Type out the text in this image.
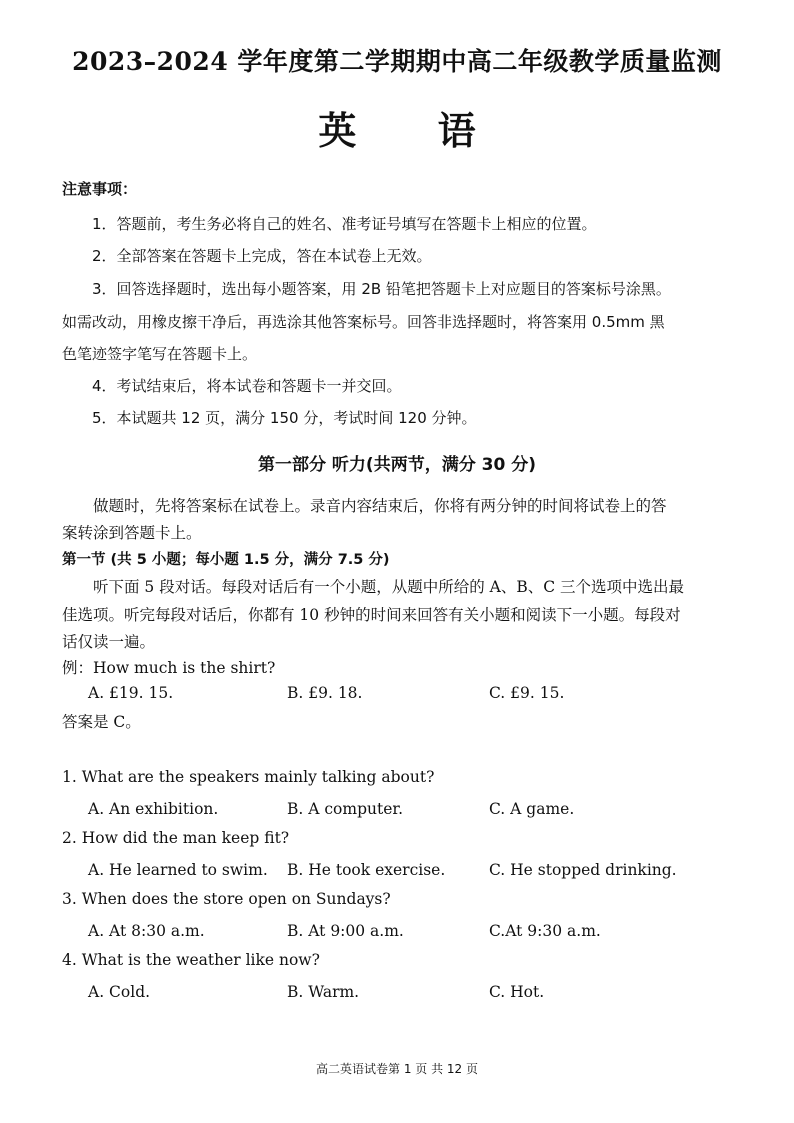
2023–2024 学年度第二学期期中高二年级教学质量监测
英 语
注意事项：
1．答题前，考生务必将自己的姓名、准考证号填写在答题卡上相应的位置。
2．全部答案在答题卡上完成，答在本试卷上无效。
3．回答选择题时，选出每小题答案，用 2B 铅笔把答题卡上对应题目的答案标号涂黑。
如需改动，用橡皮擦干净后，再选涂其他答案标号。回答非选择题时，将答案用 0.5mm 黑
色笔迹签字笔写在答题卡上。
4．考试结束后，将本试卷和答题卡一并交回。
5．本试题共 12 页，满分 150 分，考试时间 120 分钟。
第一部分 听力(共两节，满分 30 分)
做题时，先将答案标在试卷上。录音内容结束后，你将有两分钟的时间将试卷上的答
案转涂到答题卡上。
第一节 (共 5 小题；每小题 1.5 分，满分 7.5 分)
听下面 5 段对话。每段对话后有一个小题，从题中所给的 A、B、C 三个选项中选出最
佳选项。听完每段对话后，你都有 10 秒钟的时间来回答有关小题和阅读下一小题。每段对
话仅读一遍。
例：How much is the shirt?
A. £19. 15.	B. £9. 18.	C. £9. 15.
答案是 C。
1. What are the speakers mainly talking about?
A. An exhibition.	B. A computer.	C. A game.
2. How did the man keep fit?
A. He learned to swim. B. He took exercise.	C. He stopped drinking.
3. When does the store open on Sundays?
A. At 8:30 a.m.	B. At 9:00 a.m.	C.At 9:30 a.m.
4. What is the weather like now?
A. Cold.	B. Warm.	C. Hot.
高二英语试卷第 1 页 共 12 页
